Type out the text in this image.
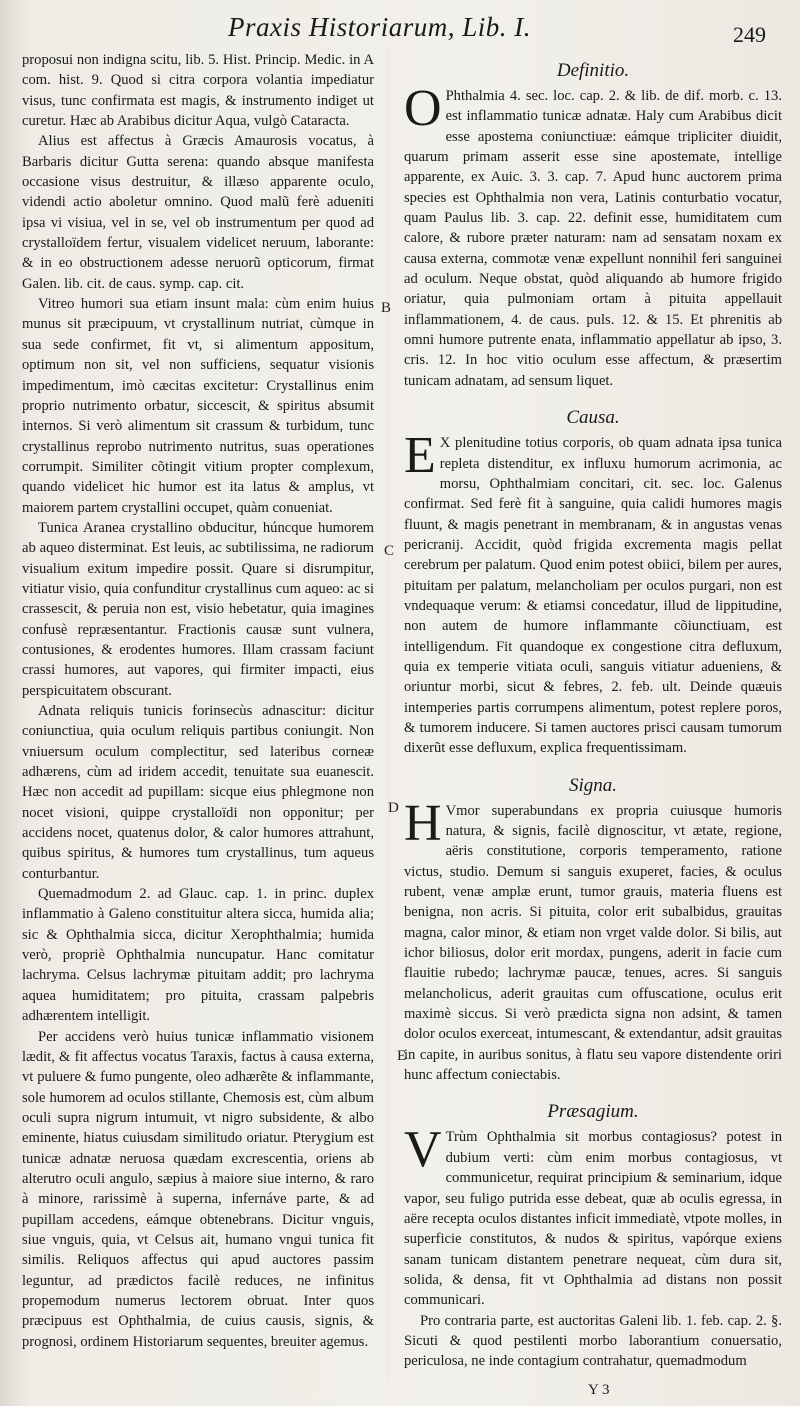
Praxis Historiarum, Lib. I.	249

proposui non indigna scitu, lib. 5. Hist. Princip. Medic. in A com. hist. 9. Quod si citra corpora volantia impediatur visus, tunc confirmata est magis, & instrumento indiget ut curetur. Hæc ab Arabibus dicitur Aqua, vulgò Cataracta.

Alius est affectus à Græcis Amaurosis vocatus, à Barbaris dicitur Gutta serena: quando absque manifesta occasione visus destruitur, & illæso apparente oculo, videndi actio aboletur omnino. Quod malũ ferè adueniti ipsa vi visiua, vel in se, vel ob instrumentum per quod ad crystalloïdem fertur, visualem videlicet neruum, laborante: & in eo obstructionem adesse neruorũ opticorum, firmat Galen. lib. cit. de caus. symp. cap. cit.

Vitreo humori sua etiam insunt mala: cùm enim huius munus sit præcipuum, vt crystallinum nutriat, cùmque in sua sede confirmet, fit vt, si alimentum appositum, optimum non sit, vel non sufficiens, sequatur visionis impedimentum, imò cæcitas excitetur: Crystallinus enim proprio nutrimento orbatur, siccescit, & spiritus absumit internos. Si verò alimentum sit crassum & turbidum, tunc crystallinus reprobo nutrimento nutritus, suas operationes corrumpit. Similiter cõtingit vitium propter complexum, quando videlicet hic humor est ita latus & amplus, vt maiorem partem crystallini occupet, quàm conueniat.

Tunica Aranea crystallino obducitur, húncque humorem ab aqueo disterminat. Est leuis, ac subtilissima, ne radiorum visualium exitum impedire possit. Quare si disrumpitur, vitiatur visio, quia confunditur crystallinus cum aqueo: ac si crassescit, & peruia non est, visio hebetatur, quia imagines confusè repræsentantur. Fractionis causæ sunt vulnera, contusiones, & erodentes humores. Illam crassam faciunt crassi humores, aut vapores, qui firmiter impacti, eius perspicuitatem obscurant.

Adnata reliquis tunicis forinsecùs adnascitur: dicitur coniunctiua, quia oculum reliquis partibus coniungit. Non vniuersum oculum complectitur, sed lateribus corneæ adhærens, cùm ad iridem accedit, tenuitate sua euanescit. Hæc non accedit ad pupillam: sicque eius phlegmone non nocet visioni, quippe crystalloïdi non opponitur; per accidens nocet, quatenus dolor, & calor humores attrahunt, quibus spiritus, & humores tum crystallinus, tum aqueus conturbantur.

Quemadmodum 2. ad Glauc. cap. 1. in princ. duplex inflammatio à Galeno constituitur altera sicca, humida alia; sic & Ophthalmia sicca, dicitur Xerophthalmia; humida verò, propriè Ophthalmia nuncupatur. Hanc comitatur lachryma. Celsus lachrymæ pituitam addit; pro lachryma aquea humiditatem; pro pituita, crassam palpebris adhærentem intelligit.

Per accidens verò huius tunicæ inflammatio visionem lædit, & fit affectus vocatus Taraxis, factus à causa externa, vt puluere & fumo pungente, oleo adhærẽte & inflammante, sole humorem ad oculos stillante, Chemosis est, cùm album oculi supra nigrum intumuit, vt nigro subsidente, & albo eminente, hiatus cuiusdam similitudo oriatur. Pterygium est tunicæ adnatæ neruosa quædam excrescentia, oriens ab alterutro oculi angulo, sæpius à maiore siue interno, & raro à minore, rarissimè à superna, infernáve parte, & ad pupillam accedens, eámque obtenebrans. Dicitur vnguis, siue vnguis, quia, vt Celsus ait, humano vngui tunica fit similis. Reliquos affectus qui apud auctores passim leguntur, ad prædictos facilè reduces, ne infinitus propemodum numerus lectorem obruat. Inter quos præcipuus est Ophthalmia, de cuius causis, signis, & prognosi, ordinem Historiarum sequentes, breuiter agemus.

B
C
D
E

Definitio.

O Phthalmia 4. sec. loc. cap. 2. & lib. de dif. morb. c. 13. est inflammatio tunicæ adnatæ. Haly cum Arabibus dicit esse apostema coniunctiuæ: eámque tripliciter diuidit, quarum primam asserit esse sine apostemate, intellige apparente, ex Auic. 3. 3. cap. 7. Apud hunc auctorem prima species est Ophthalmia non vera, Latinis conturbatio vocatur, quam Paulus lib. 3. cap. 22. definit esse, humiditatem cum calore, & rubore præter naturam: nam ad sensatam noxam ex causa externa, commotæ venæ expellunt nonnihil feri sanguinei ad oculum. Neque obstat, quòd aliquando ab humore frigido oriatur, quia pulmoniam ortam à pituita appellauit inflammationem, 4. de caus. puls. 12. & 15. Et phrenitis ab omni humore putrente enata, inflammatio appellatur ab ipso, 3. cris. 12. In hoc vitio oculum esse affectum, & præsertim tunicam adnatam, ad sensum liquet.

Causa.

E X plenitudine totius corporis, ob quam adnata ipsa tunica repleta distenditur, ex influxu humorum acrimonia, ac morsu, Ophthalmiam concitari, cit. sec. loc. Galenus confirmat. Sed ferè fit à sanguine, quia calidi humores magis fluunt, & magis penetrant in membranam, & in angustas venas pericranij. Accidit, quòd frigida excrementa magis pellat cerebrum per palatum. Quod enim potest obiici, bilem per aures, pituitam per palatum, melancholiam per oculos purgari, non est vndequaque verum: & etiamsi concedatur, illud de lippitudine, non autem de humore inflammante cõiunctiuam, est intelligendum. Fit quandoque ex congestione citra defluxum, quia ex temperie vitiata oculi, sanguis vitiatur adueniens, & oriuntur morbi, sicut & febres, 2. feb. ult. Deinde quæuis intemperies partis corrumpens alimentum, potest replere poros, & tumorem inducere. Si tamen auctores prisci causam tumorum dixerũt esse defluxum, explica frequentissimam.

Signa.

H Vmor superabundans ex propria cuiusque humoris natura, & signis, facilè dignoscitur, vt ætate, regione, aëris constitutione, corporis temperamento, ratione victus, studio. Demum si sanguis exuperet, facies, & oculus rubent, venæ amplæ erunt, tumor grauis, materia fluens est benigna, non acris. Si pituita, color erit subalbidus, grauitas magna, calor minor, & etiam non vrget valde dolor. Si bilis, aut ichor biliosus, dolor erit mordax, pungens, aderit in facie cum flauitie rubedo; lachrymæ paucæ, tenues, acres. Si sanguis melancholicus, aderit grauitas cum offuscatione, oculus erit maximè siccus. Si verò prædicta signa non adsint, & tamen dolor oculos exerceat, intumescant, & extendantur, adsit grauitas in capite, in auribus sonitus, à flatu seu vapore distendente oriri hunc affectum coniectabis.

Præsagium.

V Trùm Ophthalmia sit morbus contagiosus? potest in dubium verti: cùm enim morbus contagiosus, vt communicetur, requirat principium & seminarium, idque vapor, seu fuligo putrida esse debeat, quæ ab oculis egressa, in aëre recepta oculos distantes inficit immediatè, vtpote molles, in superficie constitutos, & nudos & spiritus, vapórque exiens sanam tunicam distantem penetrare nequeat, cùm dura sit, solida, & densa, fit vt Ophthalmia ad distans non possit communicari.

Pro contraria parte, est auctoritas Galeni lib. 1. feb. cap. 2. §. Sicuti & quod pestilenti morbo laborantium conuersatio, periculosa, ne inde contagium contrahatur, quemadmodum

Y 3
